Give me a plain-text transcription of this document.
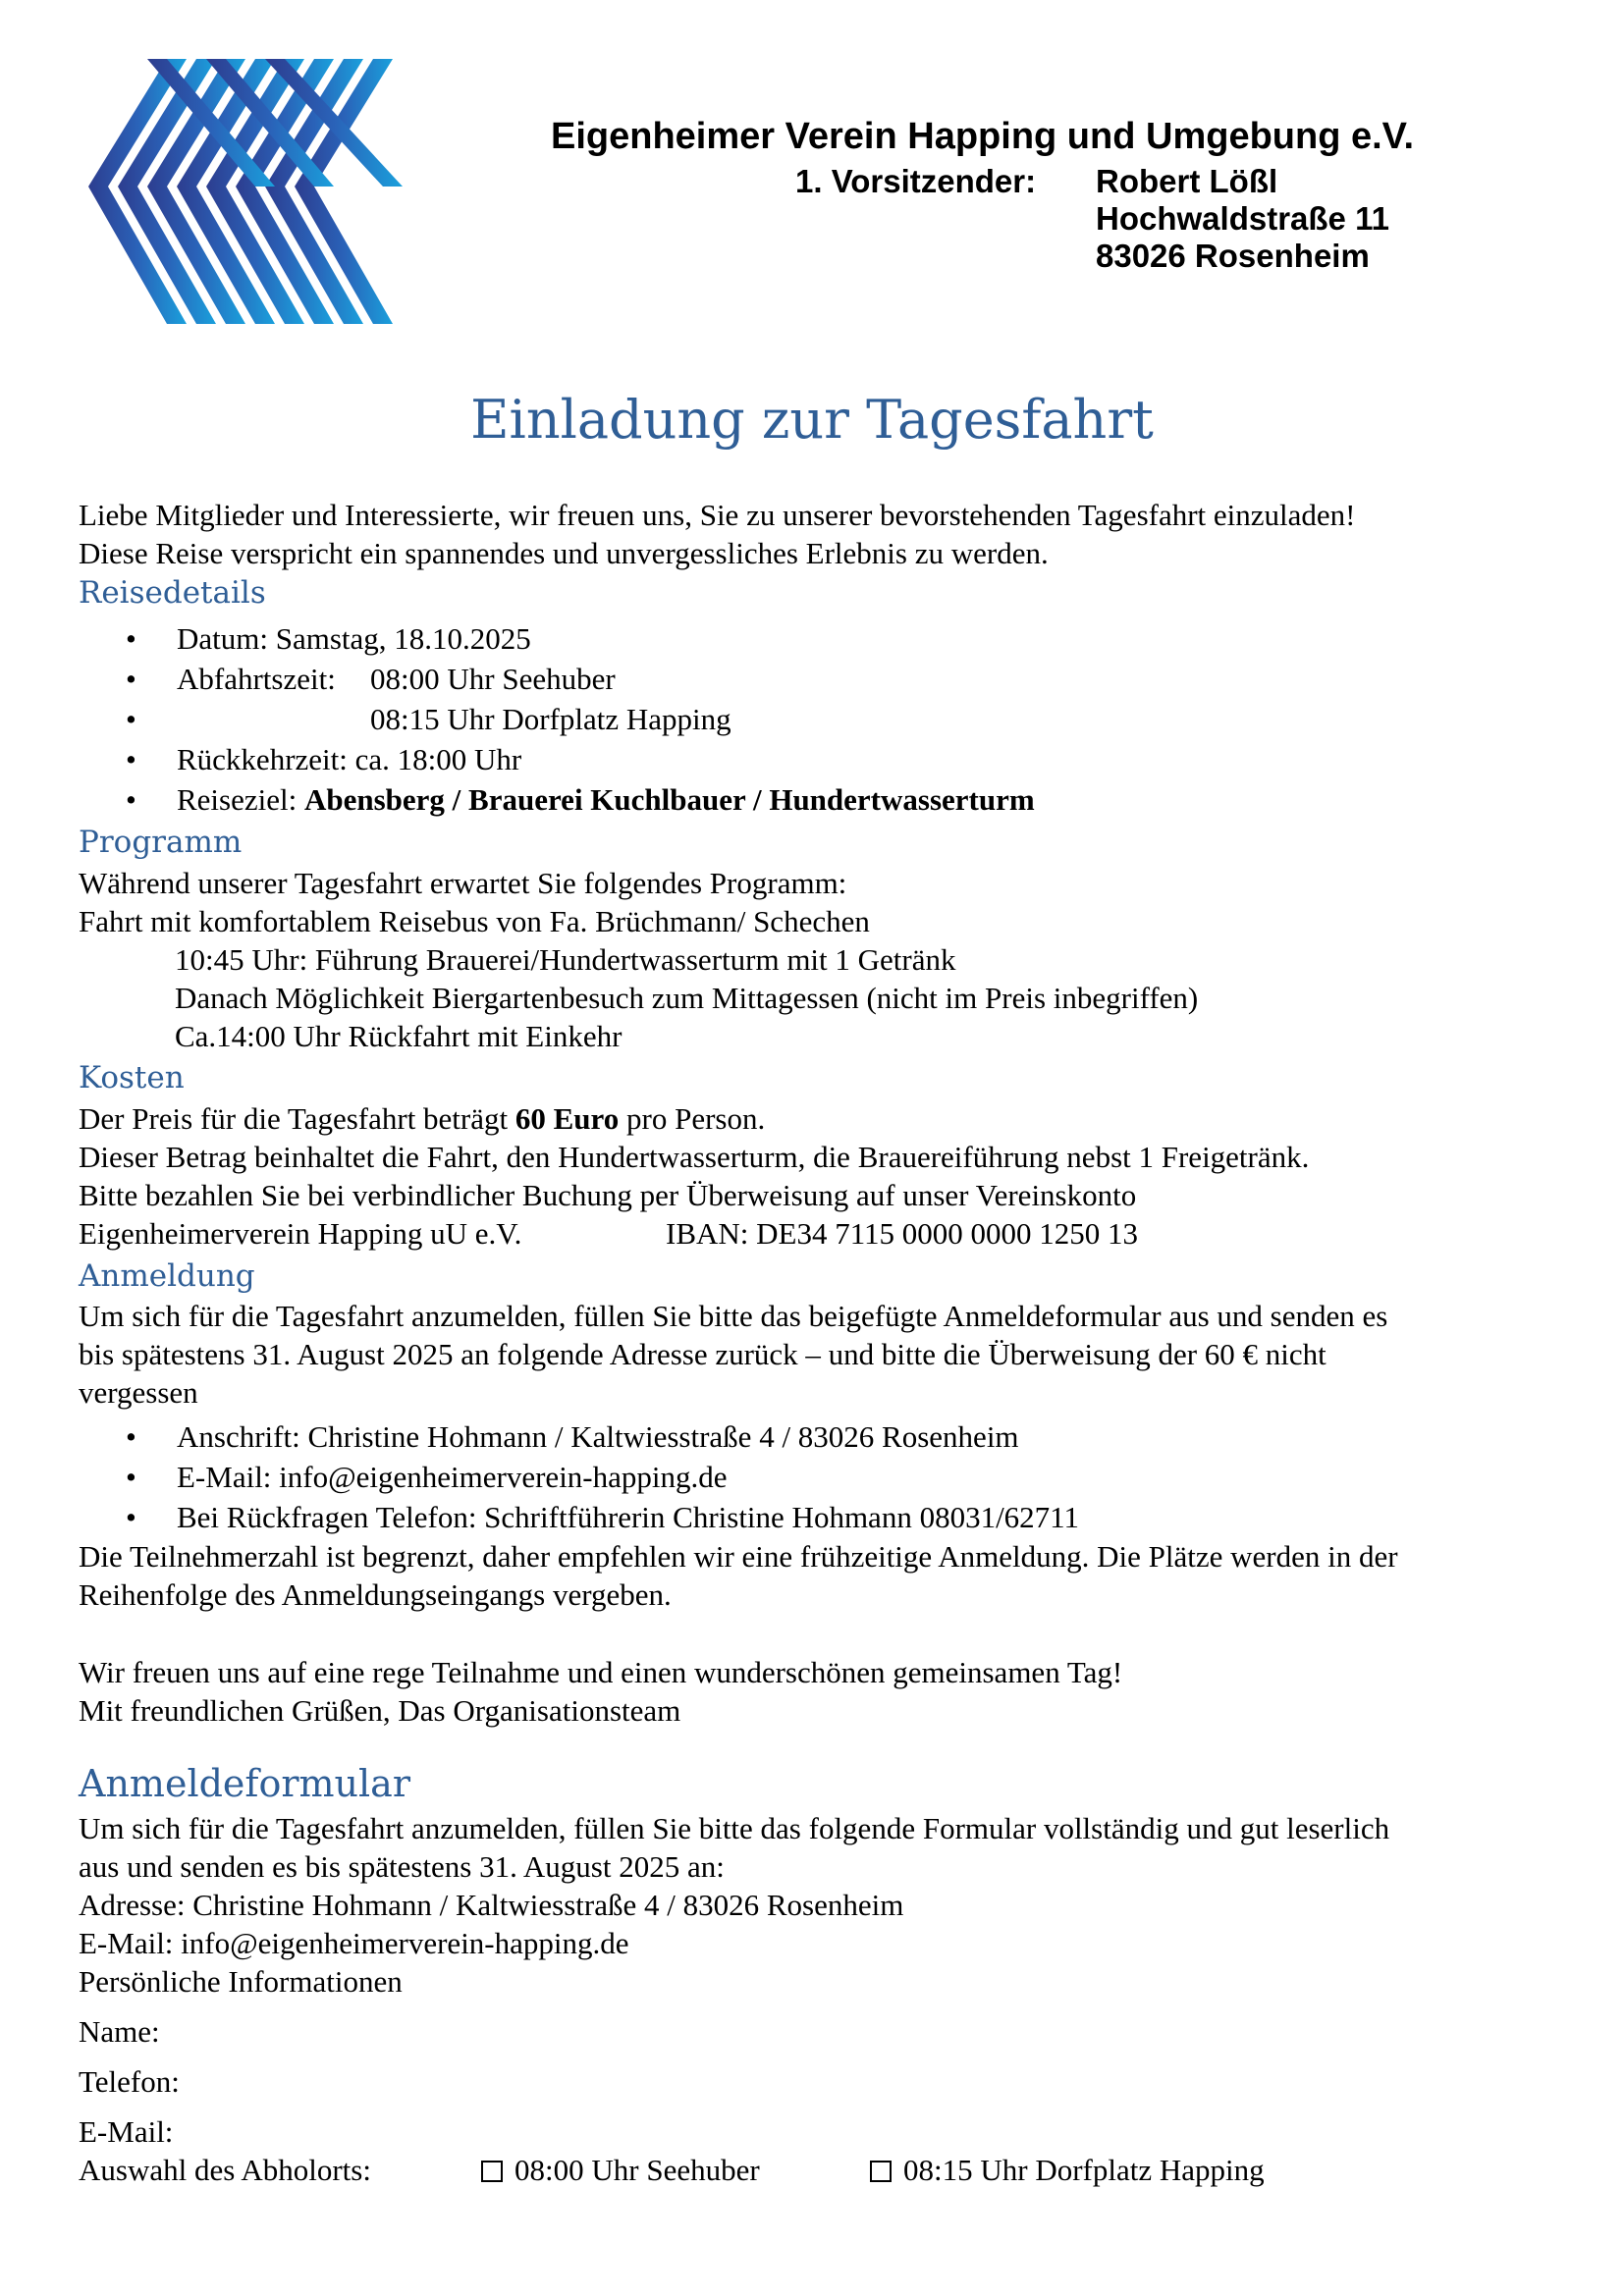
Eigenheimer Verein Happing und Umgebung e.V.
1. Vorsitzender: Robert Lößl
Hochwaldstraße 11
83026 Rosenheim
Einladung zur Tagesfahrt
Liebe Mitglieder und Interessierte, wir freuen uns, Sie zu unserer bevorstehenden Tagesfahrt einzuladen!
Diese Reise verspricht ein spannendes und unvergessliches Erlebnis zu werden.
Reisedetails
• Datum: Samstag, 18.10.2025
• Abfahrtszeit: 08:00 Uhr Seehuber
•	08:15 Uhr Dorfplatz Happing
• Rückkehrzeit: ca. 18:00 Uhr
• Reiseziel: Abensberg / Brauerei Kuchlbauer / Hundertwasserturm
Programm
Während unserer Tagesfahrt erwartet Sie folgendes Programm:
Fahrt mit komfortablem Reisebus von Fa. Brüchmann/ Schechen
10:45 Uhr: Führung Brauerei/Hundertwasserturm mit 1 Getränk
Danach Möglichkeit Biergartenbesuch zum Mittagessen (nicht im Preis inbegriffen)
Ca.14:00 Uhr Rückfahrt mit Einkehr
Kosten
Der Preis für die Tagesfahrt beträgt 60 Euro pro Person.
Dieser Betrag beinhaltet die Fahrt, den Hundertwasserturm, die Brauereiführung nebst 1 Freigetränk.
Bitte bezahlen Sie bei verbindlicher Buchung per Überweisung auf unser Vereinskonto
Eigenheimerverein Happing uU e.V.	IBAN: DE34 7115 0000 0000 1250 13
Anmeldung
Um sich für die Tagesfahrt anzumelden, füllen Sie bitte das beigefügte Anmeldeformular aus und senden es
bis spätestens 31. August 2025 an folgende Adresse zurück – und bitte die Überweisung der 60 € nicht
vergessen
• Anschrift: Christine Hohmann / Kaltwiesstraße 4 / 83026 Rosenheim
• E-Mail: info@eigenheimerverein-happing.de
• Bei Rückfragen Telefon: Schriftführerin Christine Hohmann 08031/62711
Die Teilnehmerzahl ist begrenzt, daher empfehlen wir eine frühzeitige Anmeldung. Die Plätze werden in der
Reihenfolge des Anmeldungseingangs vergeben.
Wir freuen uns auf eine rege Teilnahme und einen wunderschönen gemeinsamen Tag!
Mit freundlichen Grüßen, Das Organisationsteam
Anmeldeformular
Um sich für die Tagesfahrt anzumelden, füllen Sie bitte das folgende Formular vollständig und gut leserlich
aus und senden es bis spätestens 31. August 2025 an:
Adresse: Christine Hohmann / Kaltwiesstraße 4 / 83026 Rosenheim
E-Mail: info@eigenheimerverein-happing.de
Persönliche Informationen
Name:
Telefon:
E-Mail:
Auswahl des Abholorts:	08:00 Uhr Seehuber	08:15 Uhr Dorfplatz Happing
